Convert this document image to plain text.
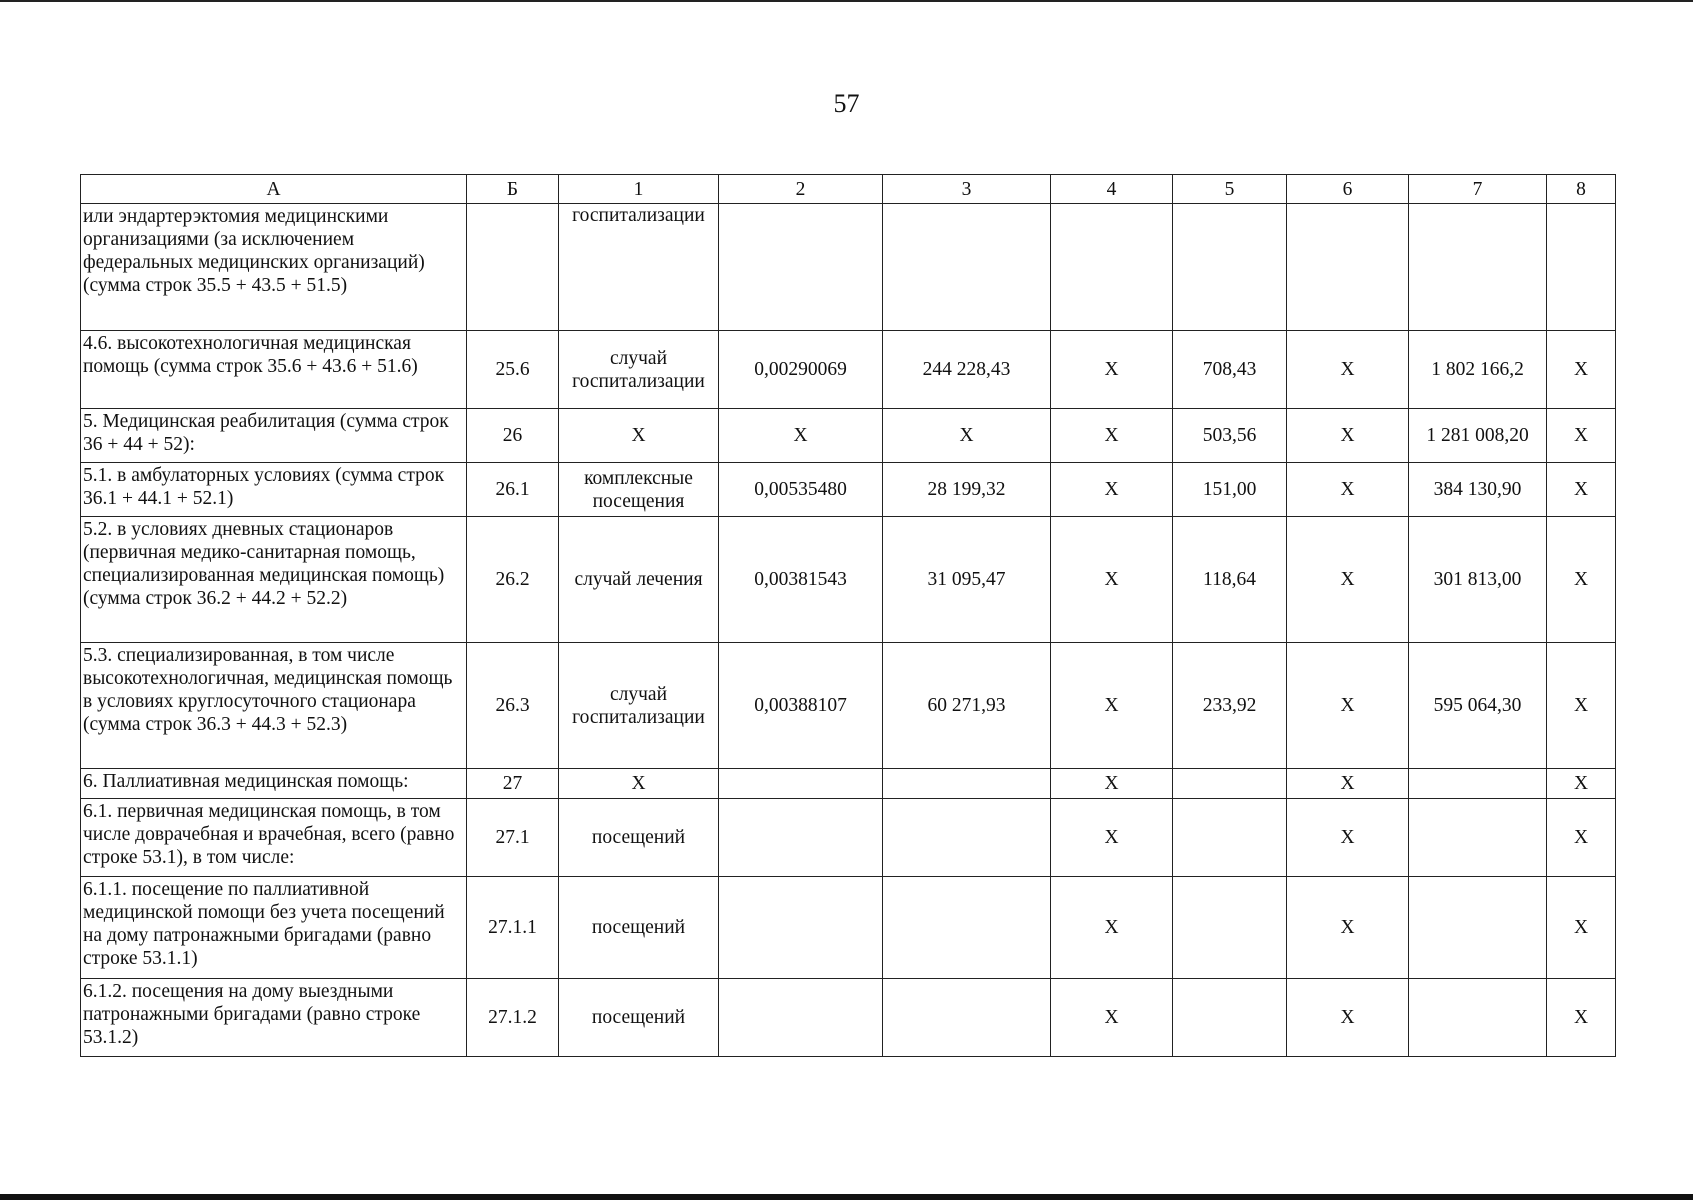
57
А	Б	1	2	3	4	5	6	7	8
или эндартерэктомия медицинскими организациями (за исключением федеральных медицинских организаций) (сумма строк 35.5 + 43.5 + 51.5)		госпитализации							
4.6. высокотехнологичная медицинская помощь (сумма строк 35.6 + 43.6 + 51.6)	25.6	случай госпитализации	0,00290069	244 228,43	Х	708,43	Х	1 802 166,2	Х
5. Медицинская реабилитация (сумма строк 36 + 44 + 52):	26	Х	Х	Х	Х	503,56	Х	1 281 008,20	Х
5.1. в амбулаторных условиях (сумма строк 36.1 + 44.1 + 52.1)	26.1	комплексные посещения	0,00535480	28 199,32	Х	151,00	Х	384 130,90	Х
5.2. в условиях дневных стационаров (первичная медико-санитарная помощь, специализированная медицинская помощь) (сумма строк 36.2 + 44.2 + 52.2)	26.2	случай лечения	0,00381543	31 095,47	Х	118,64	Х	301 813,00	Х
5.3. специализированная, в том числе высокотехнологичная, медицинская помощь в условиях круглосуточного стационара (сумма строк 36.3 + 44.3 + 52.3)	26.3	случай госпитализации	0,00388107	60 271,93	Х	233,92	Х	595 064,30	Х
6. Паллиативная медицинская помощь:	27	Х			Х		Х		Х
6.1. первичная медицинская помощь, в том числе доврачебная и врачебная, всего (равно строке 53.1), в том числе:	27.1	посещений			Х		Х		Х
6.1.1. посещение по паллиативной медицинской помощи без учета посещений на дому патронажными бригадами (равно строке 53.1.1)	27.1.1	посещений			Х		Х		Х
6.1.2. посещения на дому выездными патронажными бригадами (равно строке 53.1.2)	27.1.2	посещений			Х		Х		Х
